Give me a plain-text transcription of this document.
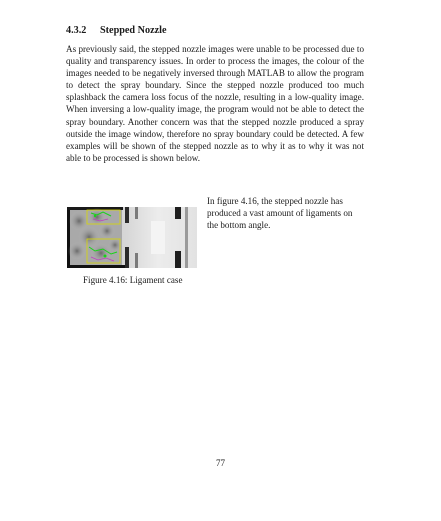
4.3.2 Stepped Nozzle

As previously said, the stepped nozzle images were unable to be processed due to quality and transparency issues. In order to process the images, the colour of the images needed to be negatively inversed through MATLAB to allow the program to detect the spray boundary. Since the stepped nozzle produced too much splashback the camera loss focus of the nozzle, resulting in a low-quality image. When inversing a low-quality image, the program would not be able to detect the spray boundary. Another concern was that the stepped nozzle produced a spray outside the image window, therefore no spray boundary could be detected. A few examples will be shown of the stepped nozzle as to why it as to why it was not able to be processed is shown below.

Figure 4.16: Ligament case

In figure 4.16, the stepped nozzle has produced a vast amount of ligaments on the bottom angle.

77
